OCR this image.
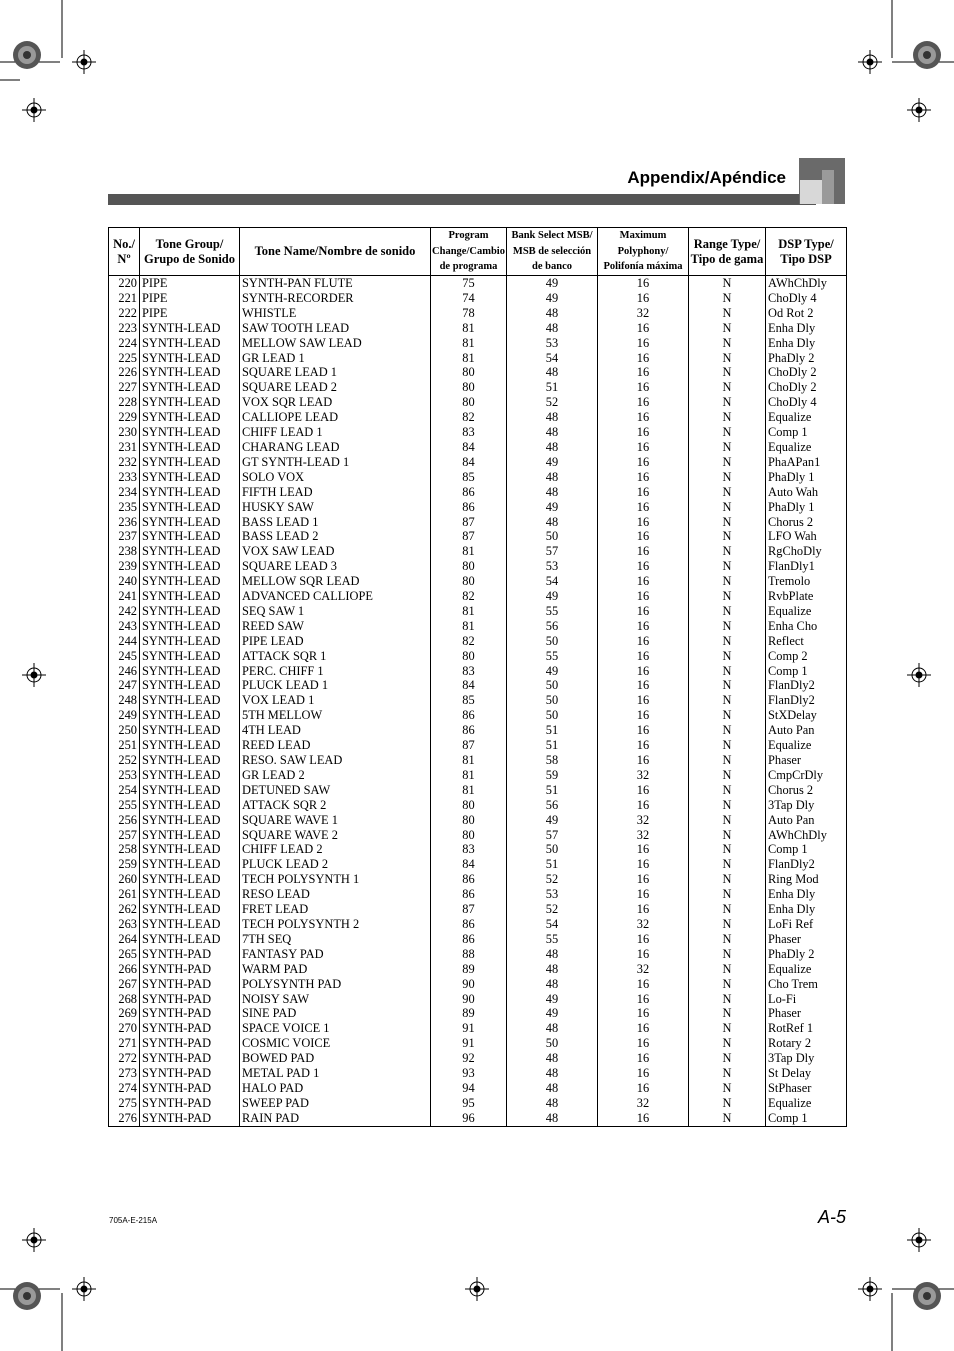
Appendix/Apéndice
No./ Nº	Tone Group/ Grupo de Sonido	Tone Name/Nombre de sonido	Program Change/Cambio de programa	Bank Select MSB/ MSB de selección de banco	Maximum Polyphony/ Polifonía máxima	Range Type/ Tipo de gama	DSP Type/ Tipo DSP
220	PIPE	SYNTH-PAN FLUTE	75	49	16	N	AWhChDly
221	PIPE	SYNTH-RECORDER	74	49	16	N	ChoDly 4
222	PIPE	WHISTLE	78	48	32	N	Od Rot 2
223	SYNTH-LEAD	SAW TOOTH LEAD	81	48	16	N	Enha Dly
224	SYNTH-LEAD	MELLOW SAW LEAD	81	53	16	N	Enha Dly
225	SYNTH-LEAD	GR LEAD 1	81	54	16	N	PhaDly 2
226	SYNTH-LEAD	SQUARE LEAD 1	80	48	16	N	ChoDly 2
227	SYNTH-LEAD	SQUARE LEAD 2	80	51	16	N	ChoDly 2
228	SYNTH-LEAD	VOX SQR LEAD	80	52	16	N	ChoDly 4
229	SYNTH-LEAD	CALLIOPE LEAD	82	48	16	N	Equalize
230	SYNTH-LEAD	CHIFF LEAD 1	83	48	16	N	Comp 1
231	SYNTH-LEAD	CHARANG LEAD	84	48	16	N	Equalize
232	SYNTH-LEAD	GT SYNTH-LEAD 1	84	49	16	N	PhaAPan1
233	SYNTH-LEAD	SOLO VOX	85	48	16	N	PhaDly 1
234	SYNTH-LEAD	FIFTH LEAD	86	48	16	N	Auto Wah
235	SYNTH-LEAD	HUSKY SAW	86	49	16	N	PhaDly 1
236	SYNTH-LEAD	BASS LEAD 1	87	48	16	N	Chorus 2
237	SYNTH-LEAD	BASS LEAD 2	87	50	16	N	LFO Wah
238	SYNTH-LEAD	VOX SAW LEAD	81	57	16	N	RgChoDly
239	SYNTH-LEAD	SQUARE LEAD 3	80	53	16	N	FlanDly1
240	SYNTH-LEAD	MELLOW SQR LEAD	80	54	16	N	Tremolo
241	SYNTH-LEAD	ADVANCED CALLIOPE	82	49	16	N	RvbPlate
242	SYNTH-LEAD	SEQ SAW 1	81	55	16	N	Equalize
243	SYNTH-LEAD	REED SAW	81	56	16	N	Enha Cho
244	SYNTH-LEAD	PIPE LEAD	82	50	16	N	Reflect
245	SYNTH-LEAD	ATTACK SQR 1	80	55	16	N	Comp 2
246	SYNTH-LEAD	PERC. CHIFF 1	83	49	16	N	Comp 1
247	SYNTH-LEAD	PLUCK LEAD 1	84	50	16	N	FlanDly2
248	SYNTH-LEAD	VOX LEAD 1	85	50	16	N	FlanDly2
249	SYNTH-LEAD	5TH MELLOW	86	50	16	N	StXDelay
250	SYNTH-LEAD	4TH LEAD	86	51	16	N	Auto Pan
251	SYNTH-LEAD	REED LEAD	87	51	16	N	Equalize
252	SYNTH-LEAD	RESO. SAW LEAD	81	58	16	N	Phaser
253	SYNTH-LEAD	GR LEAD 2	81	59	32	N	CmpCrDly
254	SYNTH-LEAD	DETUNED SAW	81	51	16	N	Chorus 2
255	SYNTH-LEAD	ATTACK SQR 2	80	56	16	N	3Tap Dly
256	SYNTH-LEAD	SQUARE WAVE 1	80	49	32	N	Auto Pan
257	SYNTH-LEAD	SQUARE WAVE 2	80	57	32	N	AWhChDly
258	SYNTH-LEAD	CHIFF LEAD 2	83	50	16	N	Comp 1
259	SYNTH-LEAD	PLUCK LEAD 2	84	51	16	N	FlanDly2
260	SYNTH-LEAD	TECH POLYSYNTH 1	86	52	16	N	Ring Mod
261	SYNTH-LEAD	RESO LEAD	86	53	16	N	Enha Dly
262	SYNTH-LEAD	FRET LEAD	87	52	16	N	Enha Dly
263	SYNTH-LEAD	TECH POLYSYNTH 2	86	54	32	N	LoFi Ref
264	SYNTH-LEAD	7TH SEQ	86	55	16	N	Phaser
265	SYNTH-PAD	FANTASY PAD	88	48	16	N	PhaDly 2
266	SYNTH-PAD	WARM PAD	89	48	32	N	Equalize
267	SYNTH-PAD	POLYSYNTH PAD	90	48	16	N	Cho Trem
268	SYNTH-PAD	NOISY SAW	90	49	16	N	Lo-Fi
269	SYNTH-PAD	SINE PAD	89	49	16	N	Phaser
270	SYNTH-PAD	SPACE VOICE 1	91	48	16	N	RotRef 1
271	SYNTH-PAD	COSMIC VOICE	91	50	16	N	Rotary 2
272	SYNTH-PAD	BOWED PAD	92	48	16	N	3Tap Dly
273	SYNTH-PAD	METAL PAD 1	93	48	16	N	St Delay
274	SYNTH-PAD	HALO PAD	94	48	16	N	StPhaser
275	SYNTH-PAD	SWEEP PAD	95	48	32	N	Equalize
276	SYNTH-PAD	RAIN PAD	96	48	16	N	Comp 1
705A-E-215A	A-5
